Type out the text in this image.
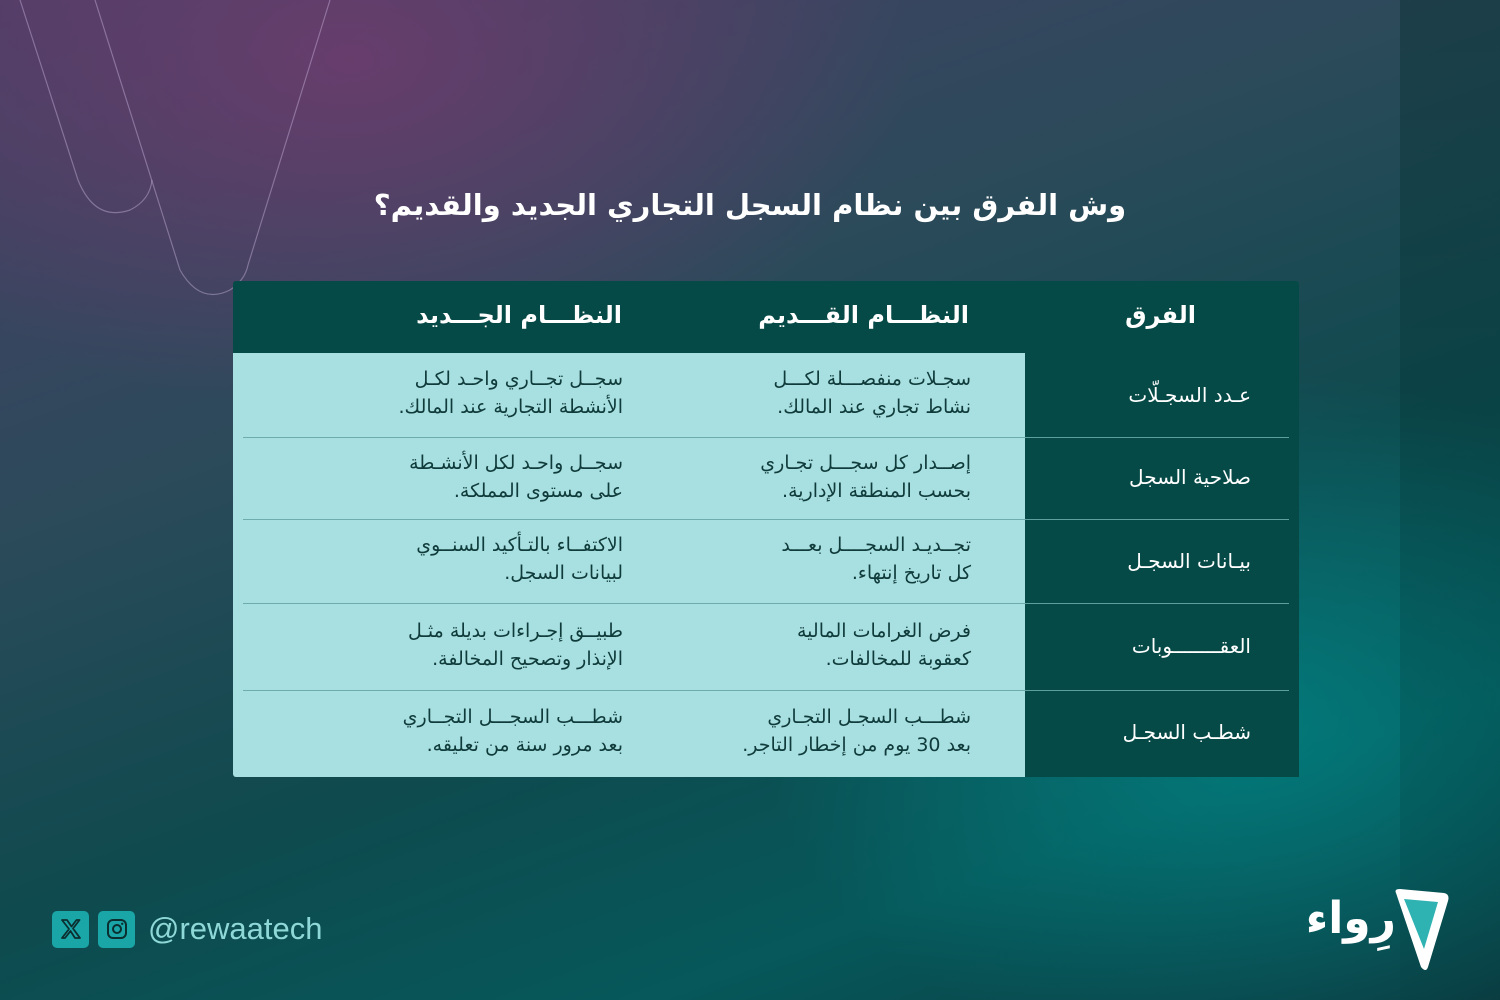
وش الفرق بين نظام السجل التجاري الجديد والقديم؟
الفرق
النظـــام القـــديم
النظـــام الجـــديد
عـدد السجـلّات
سجـلات منفصـــلة لكـــل
نشاط تجاري عند المالك.
سجــل تجــاري واحـد لكـل
الأنشطة التجارية عند المالك.
صلاحية السجل
إصــدار كل سجـــل تجـاري
بحسب المنطقة الإدارية.
سجــل واحـد لكل الأنشـطة
على مستوى المملكة.
بيـانات السجـل
تجــديـد السجــــل بعـــد
كل تاريخ إنتهاء.
الاكتفــاء بالتـأكيد السنــوي
لبيانات السجل.
العقــــــــوبات
فرض الغرامات المالية
كعقوبة للمخالفات.
طبيــق إجـراءات بديلة مثـل
الإنذار وتصحيح المخالفة.
شطـب السجـل
شطـــب السجـل التجـاري
بعد 30 يوم من إخطار التاجر.
شطـــب السجـــل التجــاري
بعد مرور سنة من تعليقه.
@rewaatech	رِواء
